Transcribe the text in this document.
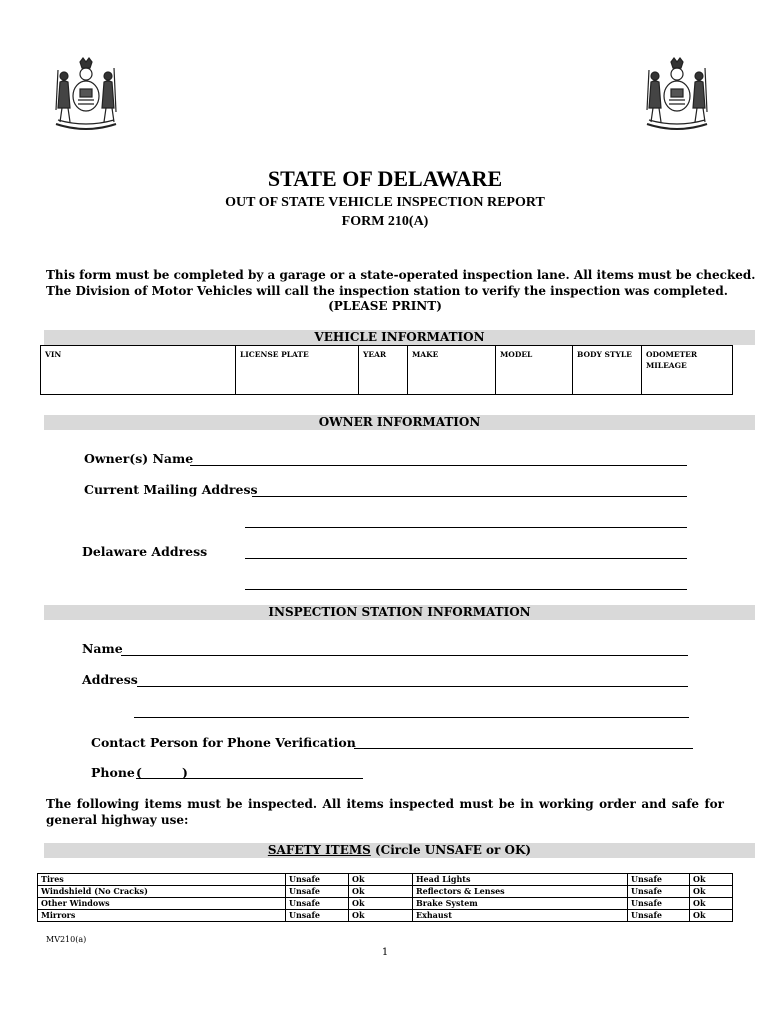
STATE OF DELAWARE
OUT OF STATE VEHICLE INSPECTION REPORT
FORM 210(A)
This form must be completed by a garage or a state-operated inspection lane. All items must be checked.
The Division of Motor Vehicles will call the inspection station to verify the inspection was completed.
(PLEASE PRINT)
VEHICLE INFORMATION
VIN	LICENSE PLATE	YEAR	MAKE	MODEL	BODY STYLE	ODOMETER MILEAGE
OWNER INFORMATION
Owner(s) Name
Current Mailing Address
Delaware Address
INSPECTION STATION INFORMATION
Name
Address
Contact Person for Phone Verification
Phone (	)
The following items must be inspected. All items inspected must be in working order and safe for general highway use:
SAFETY ITEMS (Circle UNSAFE or OK)
Tires	Unsafe	Ok	Head Lights	Unsafe	Ok
Windshield (No Cracks)	Unsafe	Ok	Reflectors & Lenses	Unsafe	Ok
Other Windows	Unsafe	Ok	Brake System	Unsafe	Ok
Mirrors	Unsafe	Ok	Exhaust	Unsafe	Ok
MV210(a)
1
